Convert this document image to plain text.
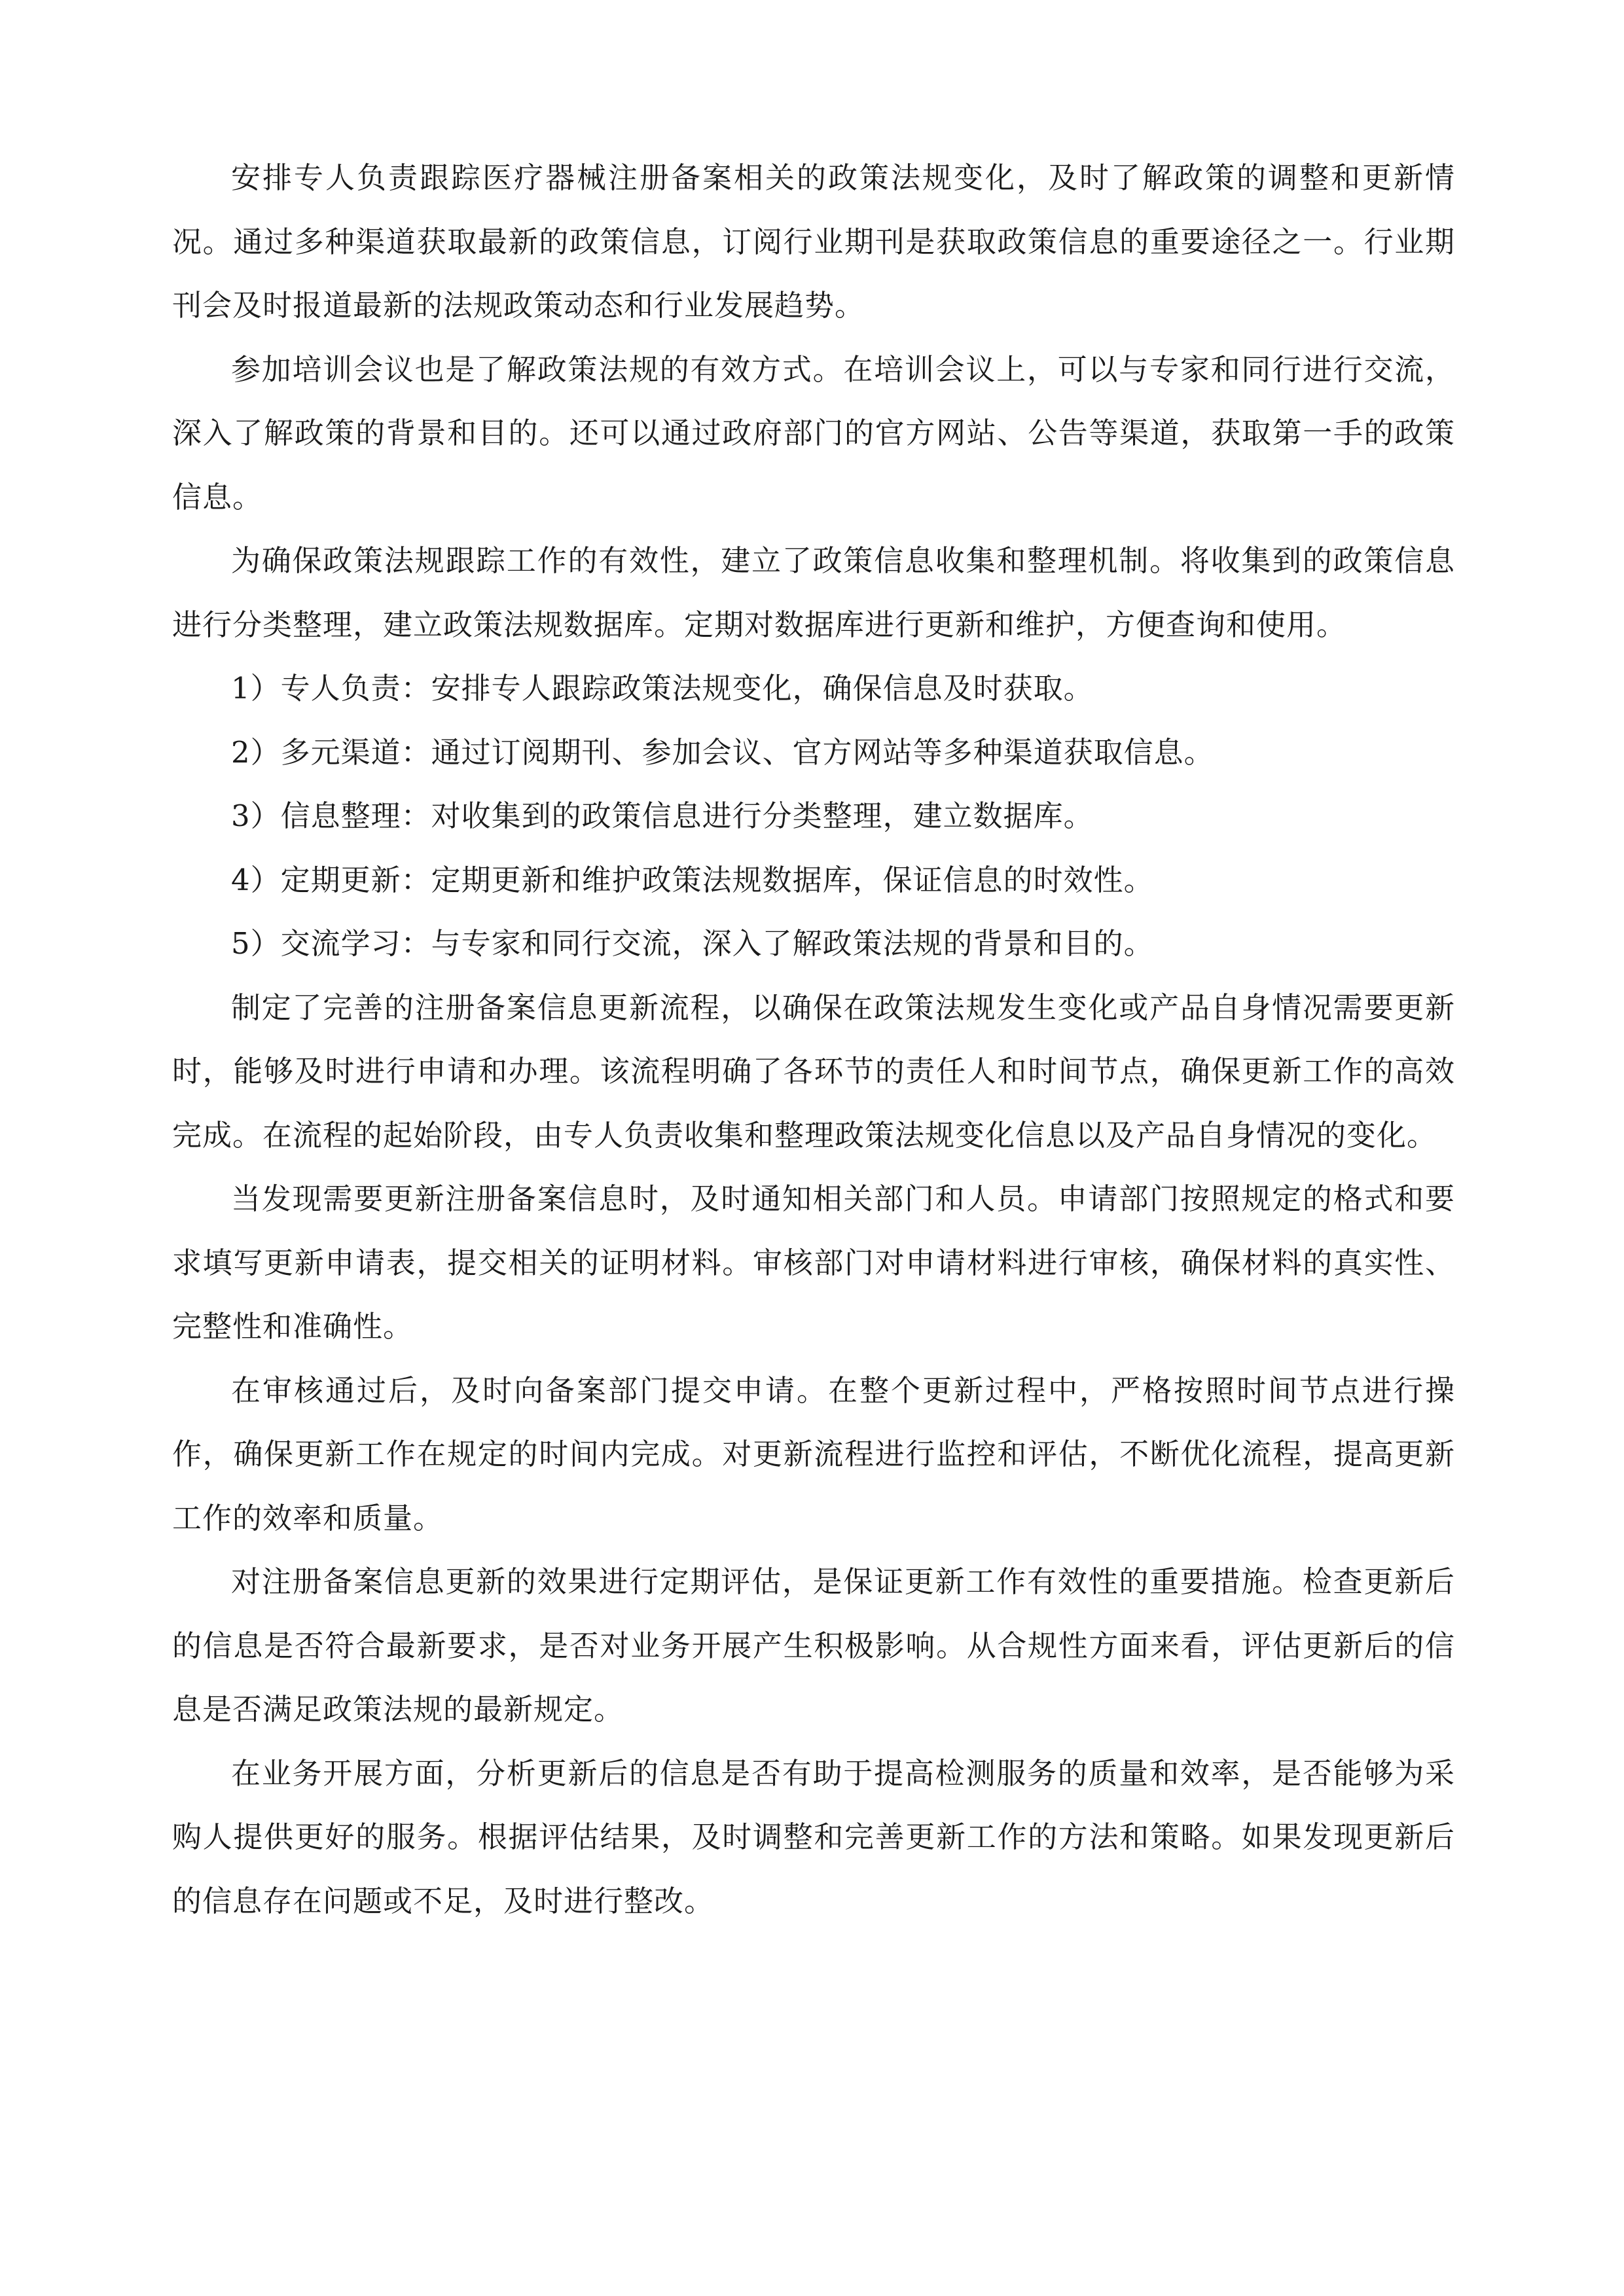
安排专人负责跟踪医疗器械注册备案相关的政策法规变化，及时了解政策的调整和更新情况。通过多种渠道获取最新的政策信息，订阅行业期刊是获取政策信息的重要途径之一。行业期刊会及时报道最新的法规政策动态和行业发展趋势。

参加培训会议也是了解政策法规的有效方式。在培训会议上，可以与专家和同行进行交流，深入了解政策的背景和目的。还可以通过政府部门的官方网站、公告等渠道，获取第一手的政策信息。

为确保政策法规跟踪工作的有效性，建立了政策信息收集和整理机制。将收集到的政策信息进行分类整理，建立政策法规数据库。定期对数据库进行更新和维护，方便查询和使用。

1）专人负责：安排专人跟踪政策法规变化，确保信息及时获取。

2）多元渠道：通过订阅期刊、参加会议、官方网站等多种渠道获取信息。

3）信息整理：对收集到的政策信息进行分类整理，建立数据库。

4）定期更新：定期更新和维护政策法规数据库，保证信息的时效性。

5）交流学习：与专家和同行交流，深入了解政策法规的背景和目的。

制定了完善的注册备案信息更新流程，以确保在政策法规发生变化或产品自身情况需要更新时，能够及时进行申请和办理。该流程明确了各环节的责任人和时间节点，确保更新工作的高效完成。在流程的起始阶段，由专人负责收集和整理政策法规变化信息以及产品自身情况的变化。

当发现需要更新注册备案信息时，及时通知相关部门和人员。申请部门按照规定的格式和要求填写更新申请表，提交相关的证明材料。审核部门对申请材料进行审核，确保材料的真实性、完整性和准确性。

在审核通过后，及时向备案部门提交申请。在整个更新过程中，严格按照时间节点进行操作，确保更新工作在规定的时间内完成。对更新流程进行监控和评估，不断优化流程，提高更新工作的效率和质量。

对注册备案信息更新的效果进行定期评估，是保证更新工作有效性的重要措施。检查更新后的信息是否符合最新要求，是否对业务开展产生积极影响。从合规性方面来看，评估更新后的信息是否满足政策法规的最新规定。

在业务开展方面，分析更新后的信息是否有助于提高检测服务的质量和效率，是否能够为采购人提供更好的服务。根据评估结果，及时调整和完善更新工作的方法和策略。如果发现更新后的信息存在问题或不足，及时进行整改。
